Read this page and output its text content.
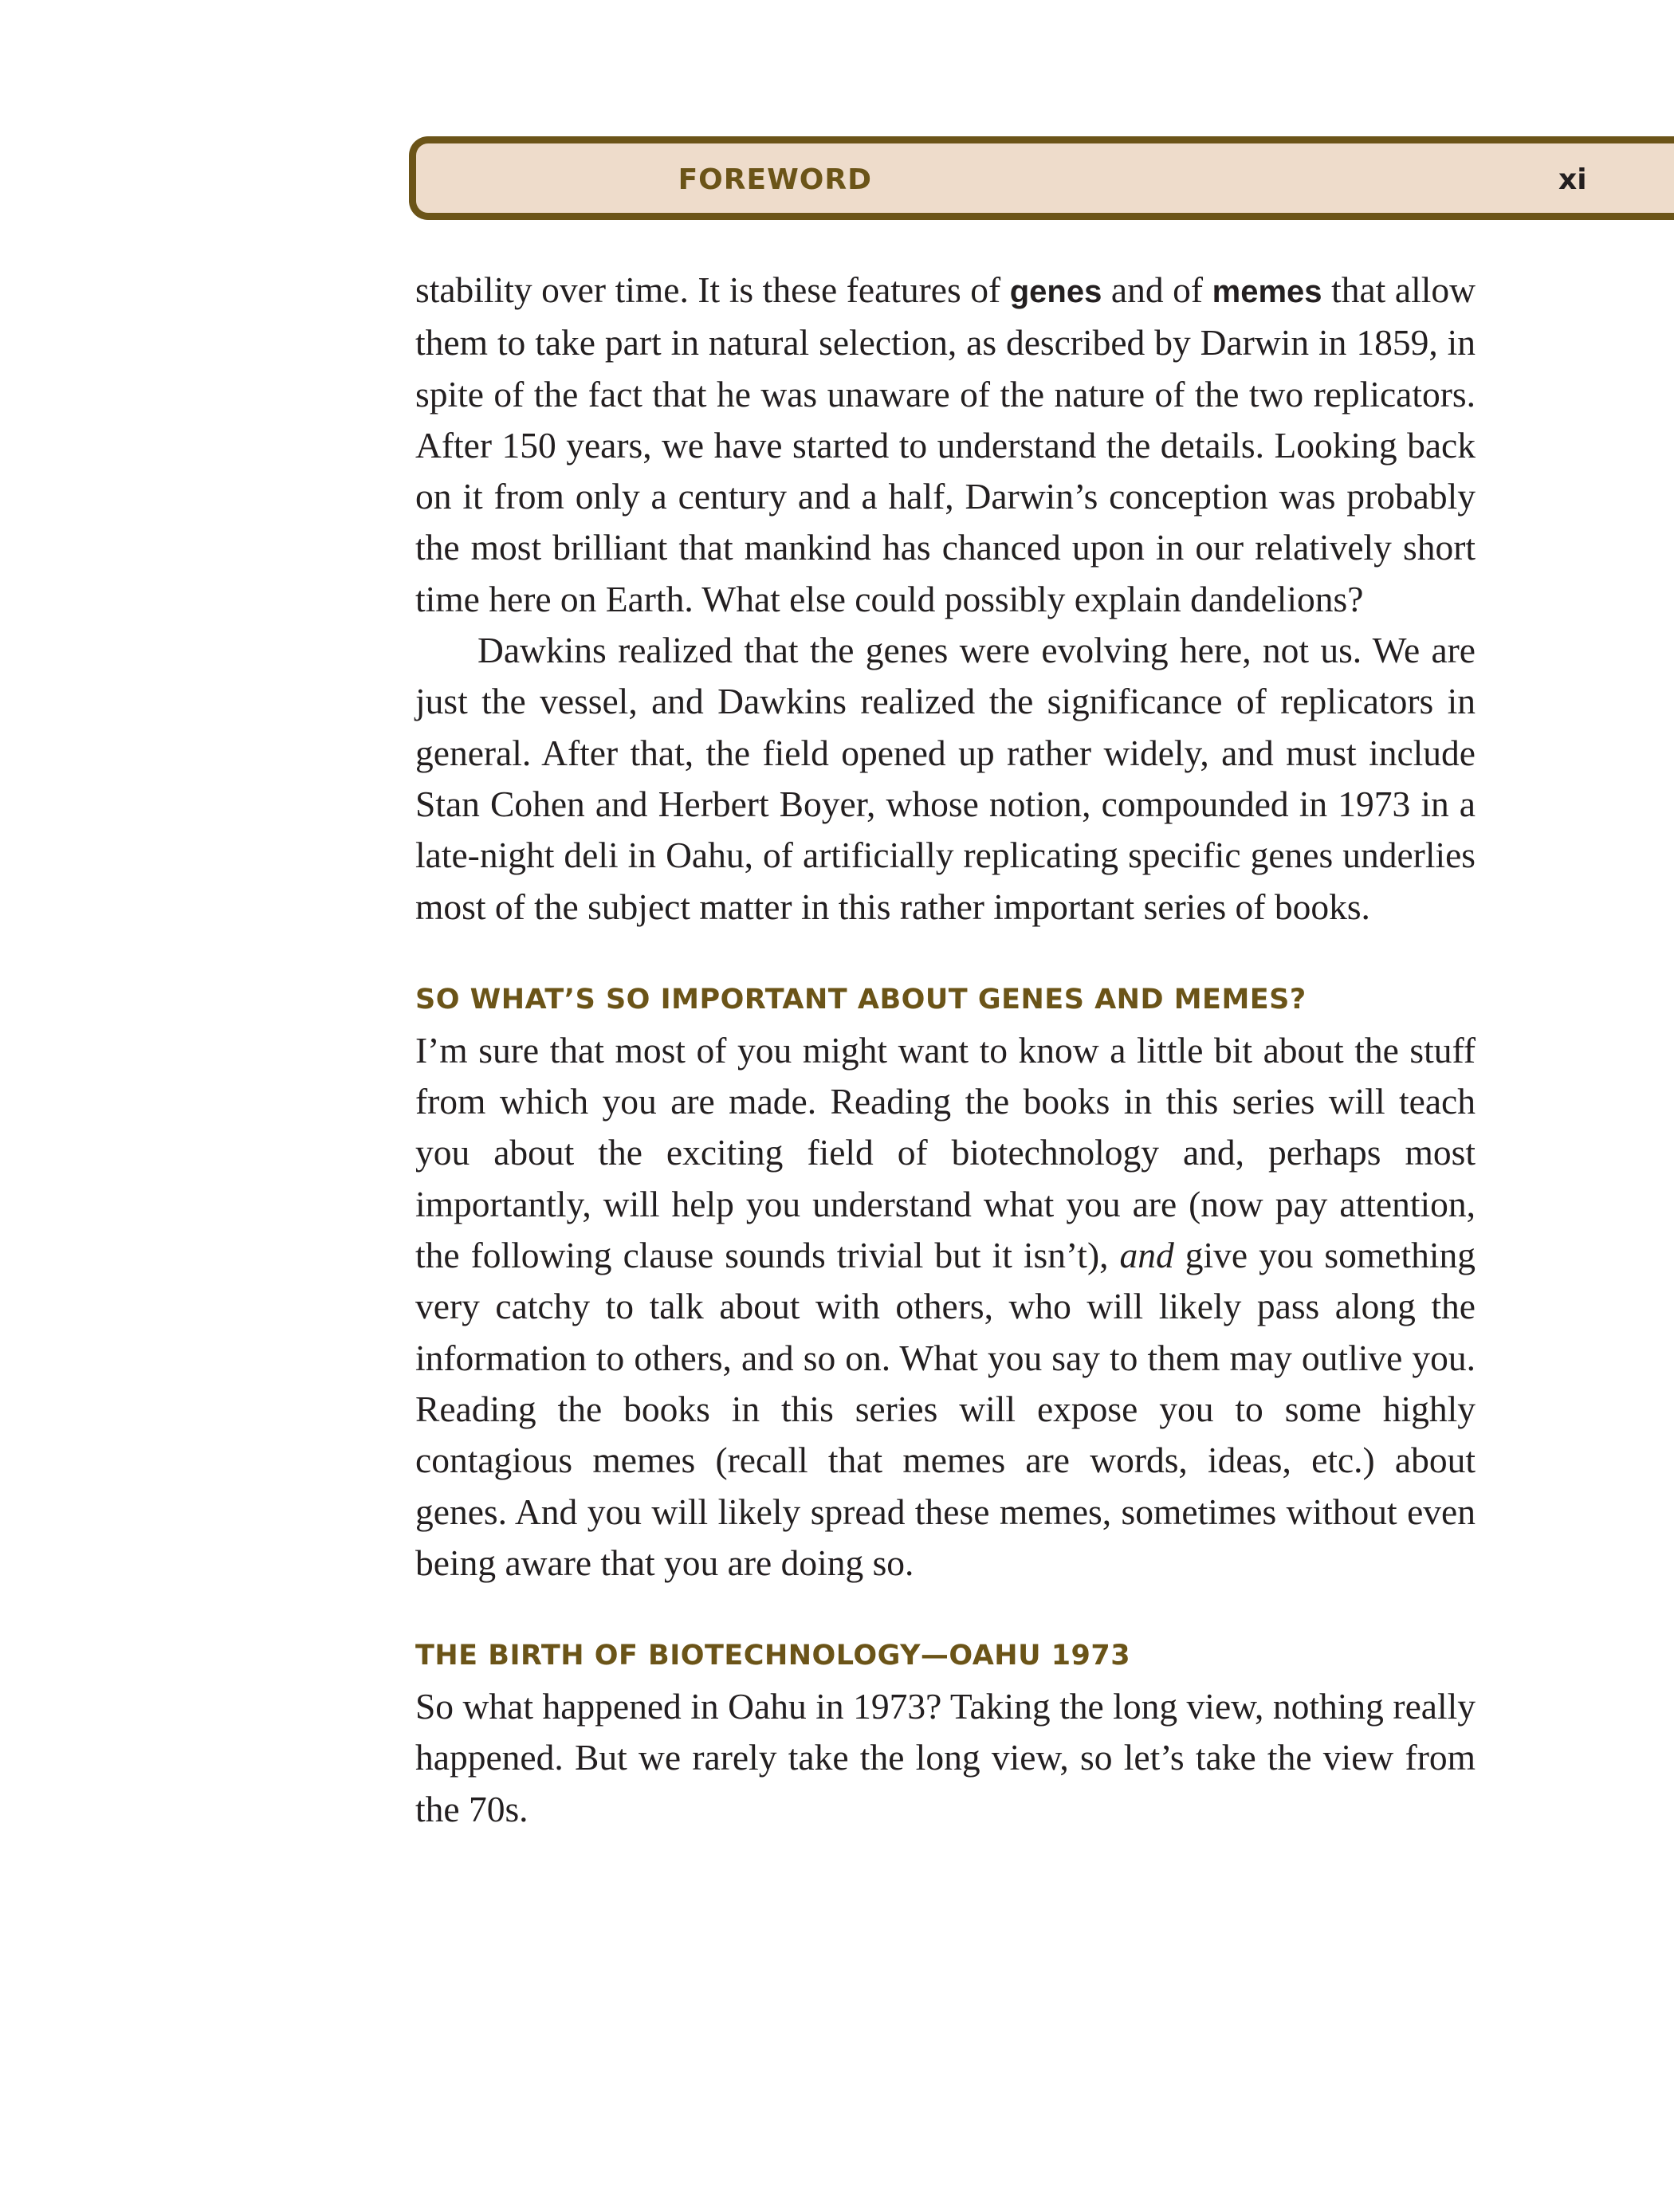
FOREWORD	xi

stability over time. It is these features of genes and of memes that allow them to take part in natural selection, as described by Darwin in 1859, in spite of the fact that he was unaware of the nature of the two replicators. After 150 years, we have started to understand the details. Looking back on it from only a century and a half, Darwin’s conception was probably the most brilliant that mankind has chanced upon in our relatively short time here on Earth. What else could possibly explain dandelions?

Dawkins realized that the genes were evolving here, not us. We are just the vessel, and Dawkins realized the significance of replicators in general. After that, the field opened up rather widely, and must include Stan Cohen and Herbert Boyer, whose notion, compounded in 1973 in a late-night deli in Oahu, of artificially replicating specific genes underlies most of the subject matter in this rather important series of books.

SO WHAT’S SO IMPORTANT ABOUT GENES AND MEMES?

I’m sure that most of you might want to know a little bit about the stuff from which you are made. Reading the books in this series will teach you about the exciting field of biotechnology and, perhaps most importantly, will help you understand what you are (now pay attention, the following clause sounds trivial but it isn’t), and give you something very catchy to talk about with others, who will likely pass along the information to others, and so on. What you say to them may outlive you. Reading the books in this series will expose you to some highly contagious memes (recall that memes are words, ideas, etc.) about genes. And you will likely spread these memes, sometimes without even being aware that you are doing so.

THE BIRTH OF BIOTECHNOLOGY—OAHU 1973

So what happened in Oahu in 1973? Taking the long view, nothing really happened. But we rarely take the long view, so let’s take the view from the 70s.
